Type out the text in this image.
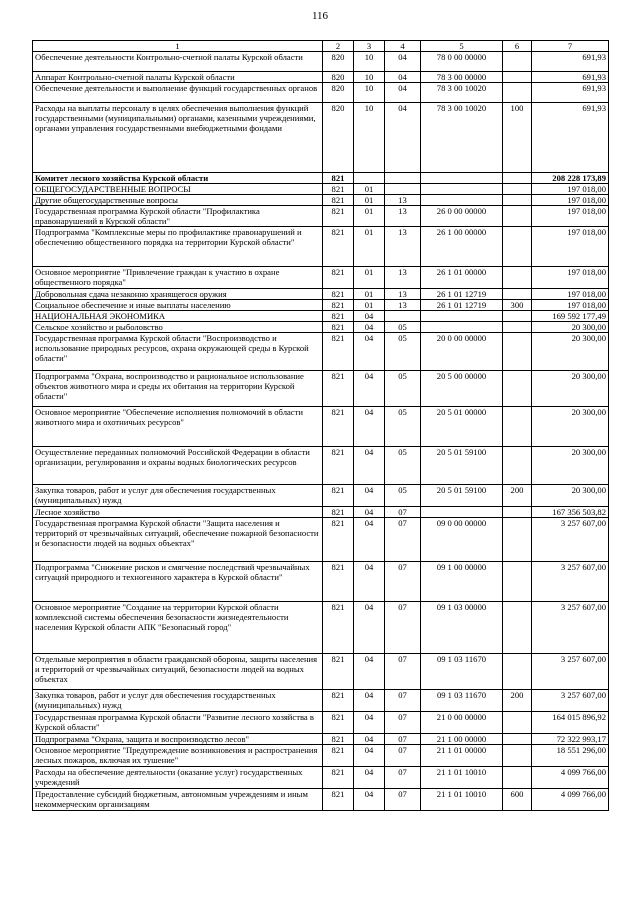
116
1	2	3	4	5	6	7
Обеспечение деятельности Контрольно-счетной палаты Курской области	820	10	04	78 0 00 00000		691,93
Аппарат Контрольно-счетной палаты Курской области	820	10	04	78 3 00 00000		691,93
Обеспечение деятельности и выполнение функций государственных органов	820	10	04	78 3 00 10020		691,93
Расходы на выплаты персоналу в целях обеспечения выполнения функций государственными (муниципальными) органами, казенными учреждениями, органами управления государственными внебюджетными фондами	820	10	04	78 3 00 10020	100	691,93
Комитет лесного хозяйства Курской области	821					208 228 173,89
ОБЩЕГОСУДАРСТВЕННЫЕ ВОПРОСЫ	821	01				197 018,00
Другие общегосударственные вопросы	821	01	13			197 018,00
Государственная программа Курской области "Профилактика правонарушений в Курской области"	821	01	13	26 0 00 00000		197 018,00
Подпрограмма "Комплексные меры по профилактике правонарушений и обеспечению общественного порядка на территории Курской области"	821	01	13	26 1 00 00000		197 018,00
Основное мероприятие "Привлечение граждан к участию в охране общественного порядка"	821	01	13	26 1 01 00000		197 018,00
Добровольная сдача незаконно хранящегося оружия	821	01	13	26 1 01 12719		197 018,00
Социальное обеспечение и иные выплаты населению	821	01	13	26 1 01 12719	300	197 018,00
НАЦИОНАЛЬНАЯ ЭКОНОМИКА	821	04				169 592 177,49
Сельское хозяйство и рыболовство	821	04	05			20 300,00
Государственная программа Курской области "Воспроизводство и использование природных ресурсов, охрана окружающей среды в Курской области"	821	04	05	20 0 00 00000		20 300,00
Подпрограмма "Охрана, воспроизводство и рациональное использование объектов животного мира и среды их обитания на территории Курской области"	821	04	05	20 5 00 00000		20 300,00
Основное мероприятие "Обеспечение исполнения полномочий в области животного мира и охотничьих ресурсов"	821	04	05	20 5 01 00000		20 300,00
Осуществление переданных полномочий Российской Федерации в области организации, регулирования и охраны водных биологических ресурсов	821	04	05	20 5 01 59100		20 300,00
Закупка товаров, работ и услуг для обеспечения государственных (муниципальных) нужд	821	04	05	20 5 01 59100	200	20 300,00
Лесное хозяйство	821	04	07			167 356 503,82
Государственная программа Курской области "Защита населения и территорий от чрезвычайных ситуаций, обеспечение пожарной безопасности и безопасности людей на водных объектах"	821	04	07	09 0 00 00000		3 257 607,00
Подпрограмма "Снижение рисков и смягчение последствий чрезвычайных ситуаций природного и техногенного характера в Курской области"	821	04	07	09 1 00 00000		3 257 607,00
Основное мероприятие "Создание на территории Курской области комплексной системы обеспечения безопасности жизнедеятельности населения Курской области АПК "Безопасный город"	821	04	07	09 1 03 00000		3 257 607,00
Отдельные мероприятия в области гражданской обороны, защиты населения и территорий от чрезвычайных ситуаций, безопасности людей на водных объектах	821	04	07	09 1 03 11670		3 257 607,00
Закупка товаров, работ и услуг для обеспечения государственных (муниципальных) нужд	821	04	07	09 1 03 11670	200	3 257 607,00
Государственная программа Курской области "Развитие лесного хозяйства в Курской области"	821	04	07	21 0 00 00000		164 015 896,92
Подпрограмма "Охрана, защита и воспроизводство лесов"	821	04	07	21 1 00 00000		72 322 993,17
Основное мероприятие "Предупреждение возникновения и распространения лесных пожаров, включая их тушение"	821	04	07	21 1 01 00000		18 551 296,00
Расходы на обеспечение деятельности (оказание услуг) государственных учреждений	821	04	07	21 1 01 10010		4 099 766,00
Предоставление субсидий бюджетным, автономным учреждениям и иным некоммерческим организациям	821	04	07	21 1 01 10010	600	4 099 766,00
